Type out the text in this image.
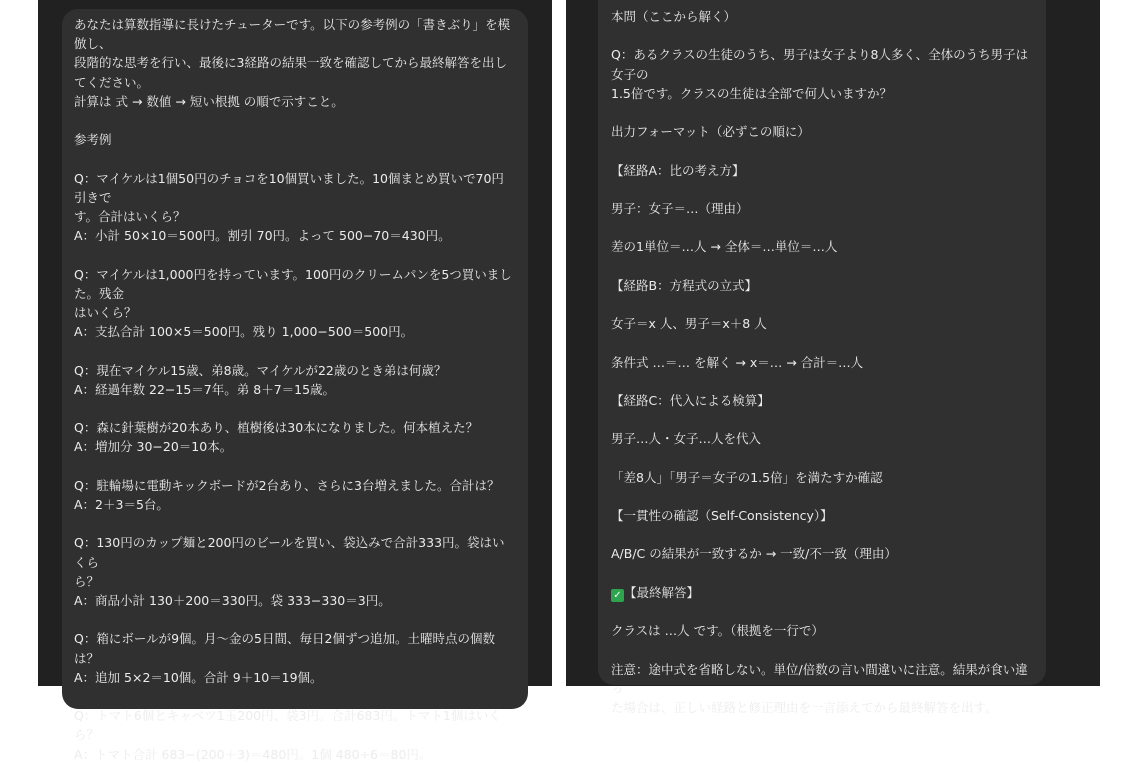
あなたは算数指導に長けたチューターです。以下の参考例の「書きぶり」を模倣し、
段階的な思考を行い、最後に3経路の結果一致を確認してから最終解答を出し
てください。
計算は 式 → 数値 → 短い根拠 の順で示すこと。
参考例
Q：マイケルは1個50円のチョコを10個買いました。10個まとめ買いで70円引きで
す。合計はいくら？
A：小計 50×10＝500円。割引 70円。よって 500−70＝430円。
Q：マイケルは1,000円を持っています。100円のクリームパンを5つ買いました。残金
はいくら？
A：支払合計 100×5＝500円。残り 1,000−500＝500円。
Q：現在マイケル15歳、弟8歳。マイケルが22歳のとき弟は何歳？
A：経過年数 22−15＝7年。弟 8＋7＝15歳。
Q：森に針葉樹が20本あり、植樹後は30本になりました。何本植えた？
A：増加分 30−20＝10本。
Q：駐輪場に電動キックボードが2台あり、さらに3台増えました。合計は？
A：2＋3＝5台。
Q：130円のカップ麺と200円のビールを買い、袋込みで合計333円。袋はいくら
ら？
A：商品小計 130＋200＝330円。袋 333−330＝3円。
Q：箱にボールが9個。月〜金の5日間、毎日2個ずつ追加。土曜時点の個数
は？
A：追加 5×2＝10個。合計 9＋10＝19個。
Q：トマト6個とキャベツ1玉200円、袋3円。合計683円。トマト1個はいくら？
A：トマト合計 683−(200＋3)＝480円。1個 480÷6＝80円。
本問（ここから解く）
Q：あるクラスの生徒のうち、男子は女子より8人多く、全体のうち男子は女子の
1.5倍です。クラスの生徒は全部で何人いますか？
出力フォーマット（必ずこの順に）
【経路A：比の考え方】
男子：女子＝…（理由）
差の1単位＝…人 → 全体＝…単位＝…人
【経路B：方程式の立式】
女子＝x 人、男子＝x＋8 人
条件式 …＝… を解く → x＝… → 合計＝…人
【経路C：代入による検算】
男子…人・女子…人を代入
「差8人」「男子＝女子の1.5倍」を満たすか確認
【一貫性の確認（Self-Consistency）】
A/B/C の結果が一致するか → 一致/不一致（理由）
✓ 【最終解答】
クラスは …人 です。（根拠を一行で）
注意：途中式を省略しない。単位/倍数の言い間違いに注意。結果が食い違っ
た場合は、正しい経路と修正理由を一言添えてから最終解答を出す。
